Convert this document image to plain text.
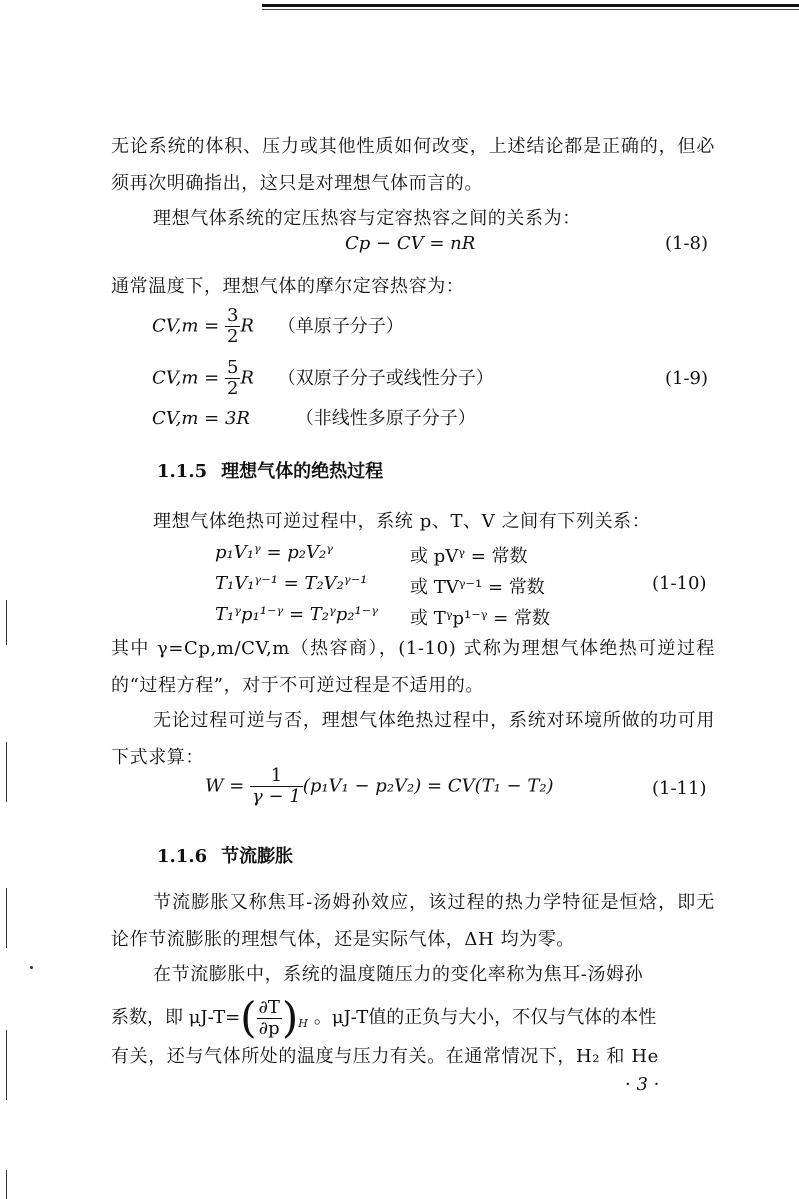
无论系统的体积、压力或其他性质如何改变，上述结论都是正确的，但必须再次明确指出，这只是对理想气体而言的。
理想气体系统的定压热容与定容热容之间的关系为：
Cp − CV = nR	(1-8)
通常温度下，理想气体的摩尔定容热容为：
$CV,m = \frac{3}{2}$ R （单原子分子）
$CV,m = \frac{5}{2}$ R （双原子分子或线性分子）	(1-9)
CV,m = 3R	（非线性多原子分子）
1.1.5 理想气体的绝热过程
理想气体绝热可逆过程中，系统 p、T、V 之间有下列关系：
p₁V₁ᵞ = p₂V₂ᵞ	或 pVᵞ = 常数
T₁V₁ᵞ⁻¹ = T₂V₂ᵞ⁻¹ 或 TVᵞ⁻¹ = 常数	(1-10)
T₁ᵞp₁¹⁻ᵞ = T₂ᵞp₂¹⁻ᵞ 或 Tᵞp¹⁻ᵞ = 常数
其中 γ=Cp,m/CV,m（热容商），(1-10) 式称为理想气体绝热可逆过程的“过程方程”，对于不可逆过程是不适用的。
无论过程可逆与否，理想气体绝热过程中，系统对环境所做的功可用下式求算：
$W = \frac{1}{\gamma - 1} (p_1V_1 - p_2V_2) = CV(T_1 - T_2)$	(1-11)
1.1.6 节流膨胀
节流膨胀又称焦耳-汤姆孙效应，该过程的热力学特征是恒焓，即无论作节流膨胀的理想气体，还是实际气体，ΔH 均为零。
在节流膨胀中，系统的温度随压力的变化率称为焦耳-汤姆孙
系数，即 $\mu J-T=( \frac{\partial T}{\partial p} )_H$ 。μJ-T值的正负与大小，不仅与气体的本性
有关，还与气体所处的温度与压力有关。在通常情况下，H₂ 和 He
· 3 ·
